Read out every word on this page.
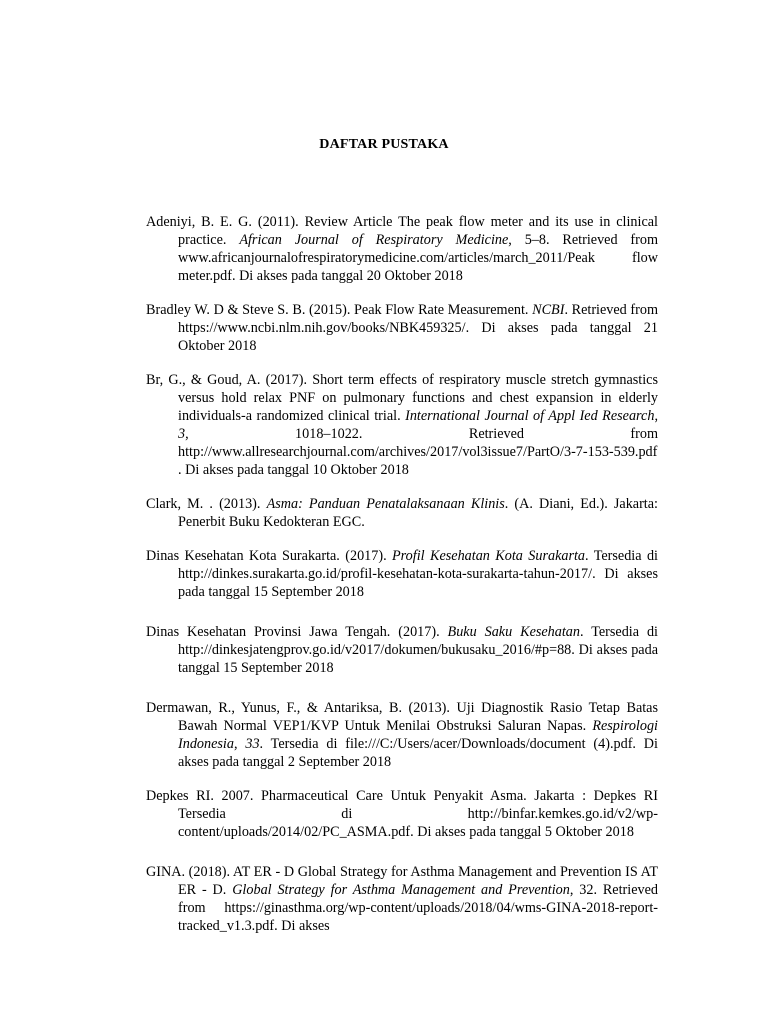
DAFTAR PUSTAKA

Adeniyi, B. E. G. (2011). Review Article The peak flow meter and its use in clinical practice. African Journal of Respiratory Medicine, 5–8. Retrieved from www.africanjournalofrespiratorymedicine.com/articles/march_2011/Peak flow meter.pdf. Di akses pada tanggal 20 Oktober 2018

Bradley W. D & Steve S. B. (2015). Peak Flow Rate Measurement. NCBI. Retrieved from https://www.ncbi.nlm.nih.gov/books/NBK459325/. Di akses pada tanggal 21 Oktober 2018

Br, G., & Goud, A. (2017). Short term effects of respiratory muscle stretch gymnastics versus hold relax PNF on pulmonary functions and chest expansion in elderly individuals-a randomized clinical trial. International Journal of Appl Ied Research, 3, 1018–1022. Retrieved from http://www.allresearchjournal.com/archives/2017/vol3issue7/PartO/3-7-153-539.pdf . Di akses pada tanggal 10 Oktober 2018

Clark, M. . (2013). Asma: Panduan Penatalaksanaan Klinis. (A. Diani, Ed.). Jakarta: Penerbit Buku Kedokteran EGC.

Dinas Kesehatan Kota Surakarta. (2017). Profil Kesehatan Kota Surakarta. Tersedia di http://dinkes.surakarta.go.id/profil-kesehatan-kota-surakarta-tahun-2017/. Di akses pada tanggal 15 September 2018

Dinas Kesehatan Provinsi Jawa Tengah. (2017). Buku Saku Kesehatan. Tersedia di http://dinkesjatengprov.go.id/v2017/dokumen/bukusaku_2016/#p=88. Di akses pada tanggal 15 September 2018

Dermawan, R., Yunus, F., & Antariksa, B. (2013). Uji Diagnostik Rasio Tetap Batas Bawah Normal VEP1/KVP Untuk Menilai Obstruksi Saluran Napas. Respirologi Indonesia, 33. Tersedia di file:///C:/Users/acer/Downloads/document (4).pdf. Di akses pada tanggal 2 September 2018

Depkes RI. 2007. Pharmaceutical Care Untuk Penyakit Asma. Jakarta : Depkes RI Tersedia di http://binfar.kemkes.go.id/v2/wp-content/uploads/2014/02/PC_ASMA.pdf. Di akses pada tanggal 5 Oktober 2018

GINA. (2018). AT ER - D Global Strategy for Asthma Management and Prevention IS AT ER - D. Global Strategy for Asthma Management and Prevention, 32. Retrieved from https://ginasthma.org/wp-content/uploads/2018/04/wms-GINA-2018-report-tracked_v1.3.pdf. Di akses
